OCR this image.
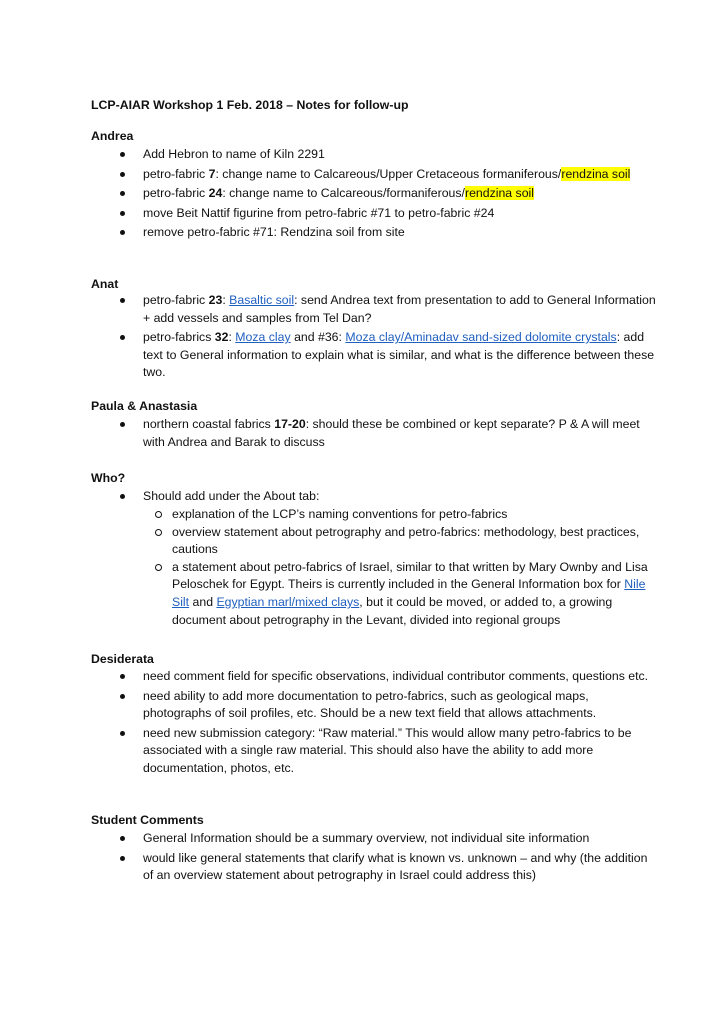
LCP-AIAR Workshop 1 Feb. 2018 – Notes for follow-up
Andrea
Add Hebron to name of Kiln 2291
petro-fabric 7: change name to Calcareous/Upper Cretaceous formaniferous/rendzina soil
petro-fabric 24: change name to Calcareous/formaniferous/rendzina soil
move Beit Nattif figurine from petro-fabric #71 to petro-fabric #24
remove petro-fabric #71: Rendzina soil from site
Anat
petro-fabric 23: Basaltic soil: send Andrea text from presentation to add to General Information + add vessels and samples from Tel Dan?
petro-fabrics 32: Moza clay and #36: Moza clay/Aminadav sand-sized dolomite crystals: add text to General information to explain what is similar, and what is the difference between these two.
Paula & Anastasia
northern coastal fabrics 17-20: should these be combined or kept separate? P & A will meet with Andrea and Barak to discuss
Who?
Should add under the About tab:
explanation of the LCP’s naming conventions for petro-fabrics
overview statement about petrography and petro-fabrics: methodology, best practices, cautions
a statement about petro-fabrics of Israel, similar to that written by Mary Ownby and Lisa Peloschek for Egypt. Theirs is currently included in the General Information box for Nile Silt and Egyptian marl/mixed clays, but it could be moved, or added to, a growing document about petrography in the Levant, divided into regional groups
Desiderata
need comment field for specific observations, individual contributor comments, questions etc.
need ability to add more documentation to petro-fabrics, such as geological maps, photographs of soil profiles, etc. Should be a new text field that allows attachments.
need new submission category: “Raw material.” This would allow many petro-fabrics to be associated with a single raw material. This should also have the ability to add more documentation, photos, etc.
Student Comments
General Information should be a summary overview, not individual site information
would like general statements that clarify what is known vs. unknown – and why (the addition of an overview statement about petrography in Israel could address this)
